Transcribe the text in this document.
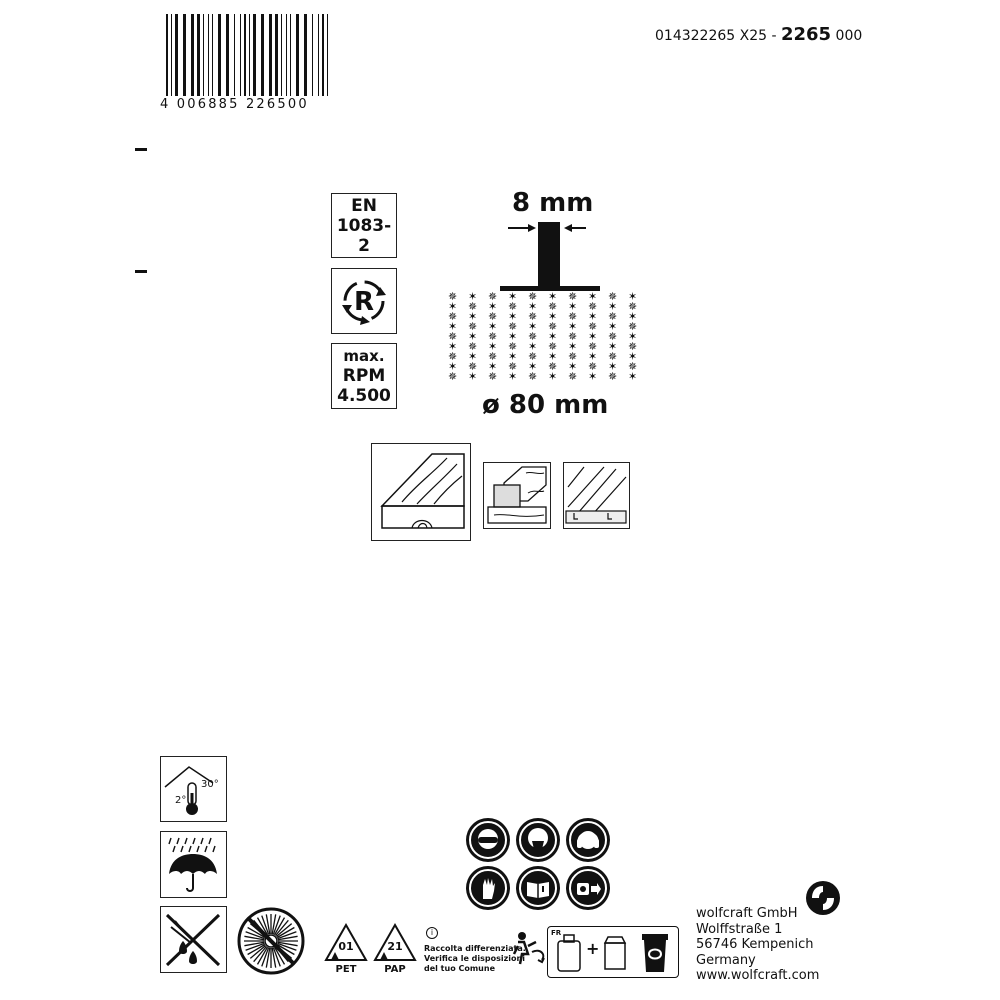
4 006885 226500
014322265 X25 - 2265 000
EN
1083-2
R
max.
RPM
4.500
8 mm
✵
✶
✵
✶
✵
✶
✵
✶
✵
✶
✵
✶
✵
✶
✵
✶
✵
✶
✵
✶
✵
✶
✵
✶
✵
✶
✵
✶
✵
✶
✵
✶
✵
✶
✵
✶
✵
✶
✵
✶
✵
✶
✵
✶
✵
✶
✵
✶
✵
✶
✵
✶
✵
✶
✵
✶
✵
✶
✵
✶
✵
✶
✵
✶
✵
✶
✵
✶
✵
✶
✵
✶
✵
✶
✵
✶
✵
✶
✵
✶
✵
✶
✵
✶
✵
✶
✵
✶
✵
✶
ø 80 mm
30°
2°
01
PET
21
PAP
i
Raccolta differenziata.
Verifica le disposizioni
del tuo Comune
FR
+
wolfcraft GmbH
Wolffstraße 1
56746 Kempenich
Germany
www.wolfcraft.com
